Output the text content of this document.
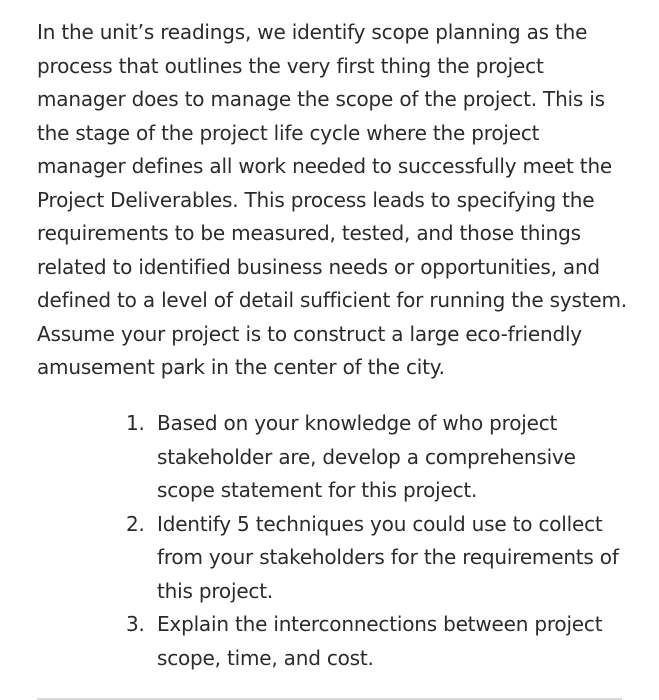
In the unit’s readings, we identify scope planning as the
process that outlines the very first thing the project
manager does to manage the scope of the project. This is
the stage of the project life cycle where the project
manager defines all work needed to successfully meet the
Project Deliverables. This process leads to specifying the
requirements to be measured, tested, and those things
related to identified business needs or opportunities, and
defined to a level of detail sufficient for running the system.
Assume your project is to construct a large eco-friendly
amusement park in the center of the city.

1. Based on your knowledge of who project
stakeholder are, develop a comprehensive
scope statement for this project.
2. Identify 5 techniques you could use to collect
from your stakeholders for the requirements of
this project.
3. Explain the interconnections between project
scope, time, and cost.
